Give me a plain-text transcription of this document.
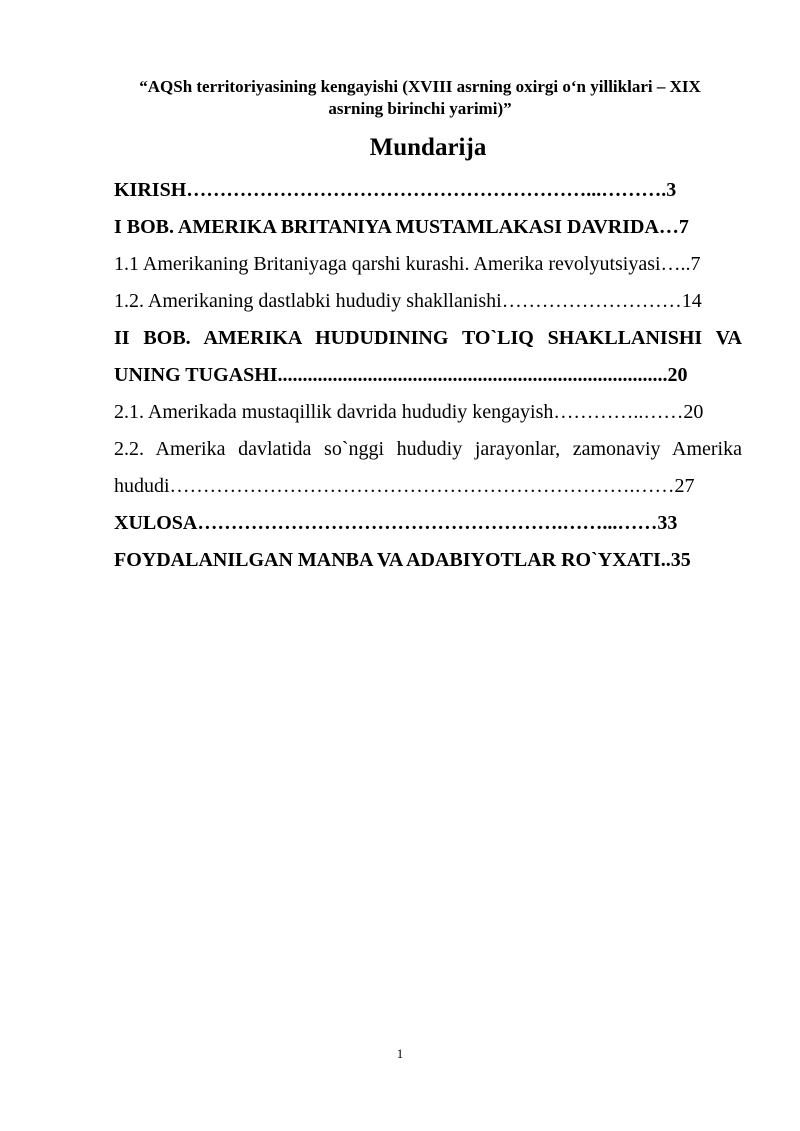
“AQSh territoriyasining kengayishi (XVIII asrning oxirgi o‘n yilliklari – XIX
asrning birinchi yarimi)”
Mundarija
KIRISH……………………………………………………...……….3
I BOB. AMERIKA BRITANIYA MUSTAMLAKASI DAVRIDA…7
1.1 Amerikaning Britaniyaga qarshi kurashi. Amerika revolyutsiyasi…..7
1.2. Amerikaning dastlabki hududiy shakllanishi………………………14
II BOB. AMERIKA HUDUDINING TO`LIQ SHAKLLANISHI VA
UNING TUGASHI..............................................................................20
2.1. Amerikada mustaqillik davrida hududiy kengayish…………..……20
2.2. Amerika davlatida so`nggi hududiy jarayonlar, zamonaviy Amerika
hududi…………………………………………………………….……27
XULOSA……………………………………………….……...……33
FOYDALANILGAN MANBA VA ADABIYOTLAR RO`YXATI..35
1
